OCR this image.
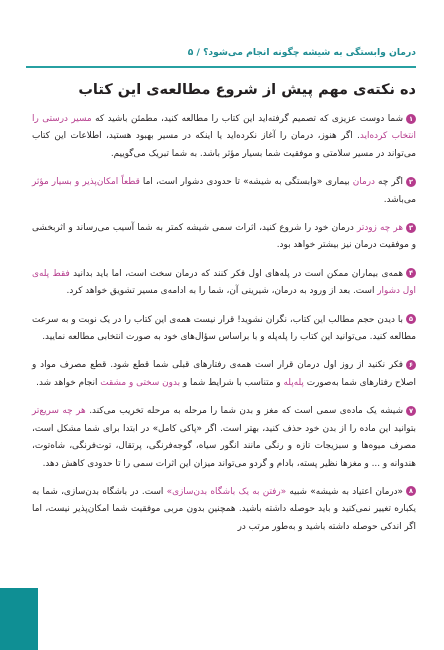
درمان وابستگی به شیشه چگونه انجام می‌شود؟ / ۵
ده نکته‌ی مهم پیش از شروع مطالعه‌ی این کتاب

۱شما دوست عزیزی که تصمیم گرفته‌اید این کتاب را مطالعه کنید، مطمئن باشید که مسیر درستی را انتخاب کرده‌اید. اگر هنوز، درمان را آغاز نکرده‌اید یا اینکه در مسیر بهبود هستید، اطلاعات این کتاب می‌تواند در مسیر سلامتی و موفقیت شما بسیار مؤثر باشد. به شما تبریک می‌گوییم.

۲اگر چه درمان بیماری «وابستگی به شیشه» تا حدودی دشوار است، اما قطعاً امکان‌پذیر و بسیار مؤثر می‌باشد.

۳هر چه زودتر درمان خود را شروع کنید، اثرات سمی شیشه کمتر به شما آسیب می‌رساند و اثربخشی و موفقیت درمان نیز بیشتر خواهد بود.

۴همه‌ی بیماران ممکن است در پله‌های اول فکر کنند که درمان سخت است، اما باید بدانید فقط پله‌ی اول دشوار است. بعد از ورود به درمان، شیرینی آن، شما را به ادامه‌ی مسیر تشویق خواهد کرد.

۵با دیدن حجم مطالب این کتاب، نگران نشوید! قرار نیست همه‌ی این کتاب را در یک نوبت و به سرعت مطالعه کنید. می‌توانید این کتاب را پله‌پله و با براساس سؤال‌های خود به صورت انتخابی مطالعه نمایید.

۶فکر نکنید از روز اول درمان قرار است همه‌ی رفتارهای قبلی شما قطع شود. قطع مصرف مواد و اصلاح رفتارهای شما به‌صورت پله‌پله و متناسب با شرایط شما و بدون سختی و مشقت انجام خواهد شد.

۷شیشه یک ماده‌ی سمی است که مغز و بدن شما را مرحله به مرحله تخریب می‌کند. هر چه سریع‌تر بتوانید این ماده را از بدن خود حذف کنید، بهتر است. اگر «پاکی کامل» در ابتدا برای شما مشکل است، مصرف میوه‌ها و سبزیجات تازه و رنگی مانند انگور سیاه، گوجه‌فرنگی، پرتقال، توت‌فرنگی، شاه‌توت، هندوانه و ... و مغزها نظیر پسته، بادام و گردو می‌تواند میزان این اثرات سمی را تا حدودی کاهش دهد.

۸«درمان اعتیاد به شیشه» شبیه «رفتن به یک باشگاه بدن‌سازی» است. در باشگاه بدن‌سازی، شما به یکباره تغییر نمی‌کنید و باید حوصله داشته باشید. همچنین بدون مربی موفقیت شما امکان‌پذیر نیست، اما اگر اندکی حوصله داشته باشید و به‌طور مرتب در
